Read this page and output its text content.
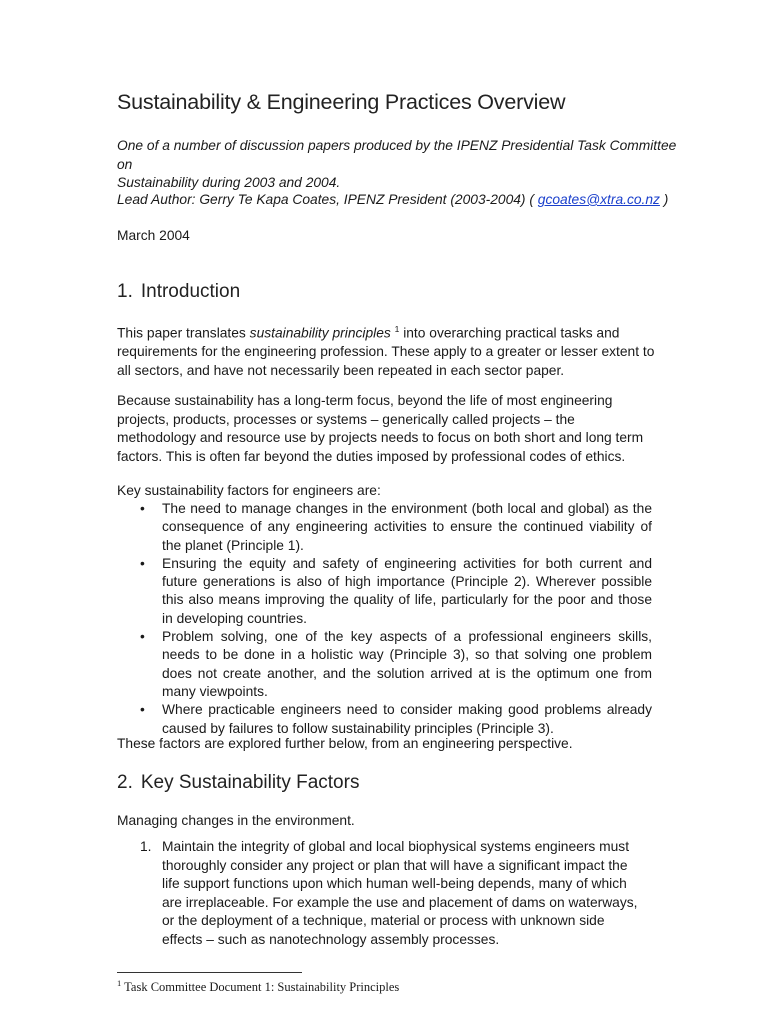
Sustainability & Engineering Practices Overview
One of a number of discussion papers produced by the IPENZ Presidential Task Committee on
Sustainability during 2003 and 2004.
Lead Author: Gerry Te Kapa Coates, IPENZ President (2003-2004) ( gcoates@xtra.co.nz )
March 2004
1. Introduction

This paper translates sustainability principles $^1$ into overarching practical tasks and requirements for the engineering profession. These apply to a greater or lesser extent to all sectors, and have not necessarily been repeated in each sector paper.

Because sustainability has a long-term focus, beyond the life of most engineering projects, products, processes or systems – generically called projects – the methodology and resource use by projects needs to focus on both short and long term factors. This is often far beyond the duties imposed by professional codes of ethics.

Key sustainability factors for engineers are:

• The need to manage changes in the environment (both local and global) as the consequence of any engineering activities to ensure the continued viability of the planet (Principle 1).
• Ensuring the equity and safety of engineering activities for both current and future generations is also of high importance (Principle 2). Wherever possible this also means improving the quality of life, particularly for the poor and those in developing countries.
• Problem solving, one of the key aspects of a professional engineers skills, needs to be done in a holistic way (Principle 3), so that solving one problem does not create another, and the solution arrived at is the optimum one from many viewpoints.
• Where practicable engineers need to consider making good problems already caused by failures to follow sustainability principles (Principle 3).

These factors are explored further below, from an engineering perspective.

2. Key Sustainability Factors

Managing changes in the environment.

1. Maintain the integrity of global and local biophysical systems engineers must thoroughly consider any project or plan that will have a significant impact the life support functions upon which human well-being depends, many of which are irreplaceable. For example the use and placement of dams on waterways, or the deployment of a technique, material or process with unknown side effects – such as nanotechnology assembly processes.
$^1$ Task Committee Document 1: Sustainability Principles
